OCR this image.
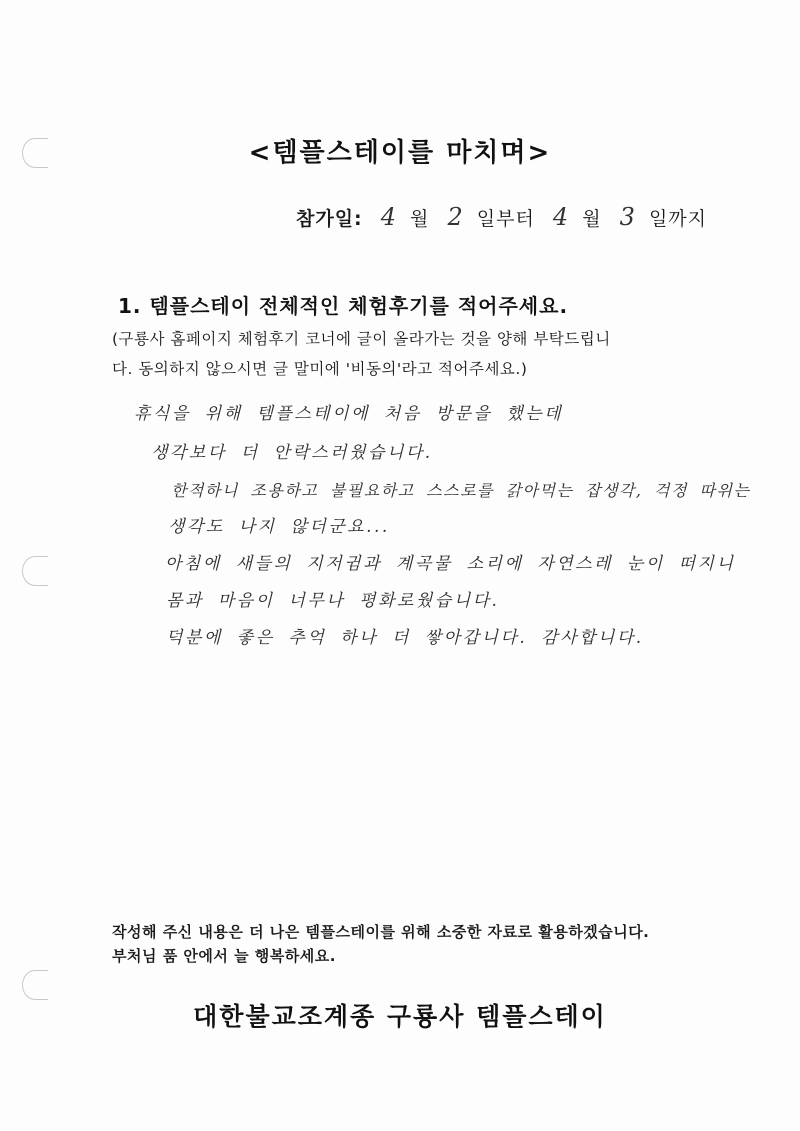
<템플스테이를 마치며>
참가일: 4 월 2 일부터 4 월 3 일까지
1. 템플스테이 전체적인 체험후기를 적어주세요.
(구룡사 홈페이지 체험후기 코너에 글이 올라가는 것을 양해 부탁드립니
다. 동의하지 않으시면 글 말미에 '비동의'라고 적어주세요.)
휴식을 위해 템플스테이에 처음 방문을 했는데
생각보다 더 안락스러웠습니다.
한적하니 조용하고 불필요하고 스스로를 갉아먹는 잡생각, 걱정 따위는
생각도 나지 않더군요...
아침에 새들의 지저귐과 계곡물 소리에 자연스레 눈이 떠지니
몸과 마음이 너무나 평화로웠습니다.
덕분에 좋은 추억 하나 더 쌓아갑니다. 감사합니다.
작성해 주신 내용은 더 나은 템플스테이를 위해 소중한 자료로 활용하겠습니다.
부처님 품 안에서 늘 행복하세요.
대한불교조계종 구룡사 템플스테이
